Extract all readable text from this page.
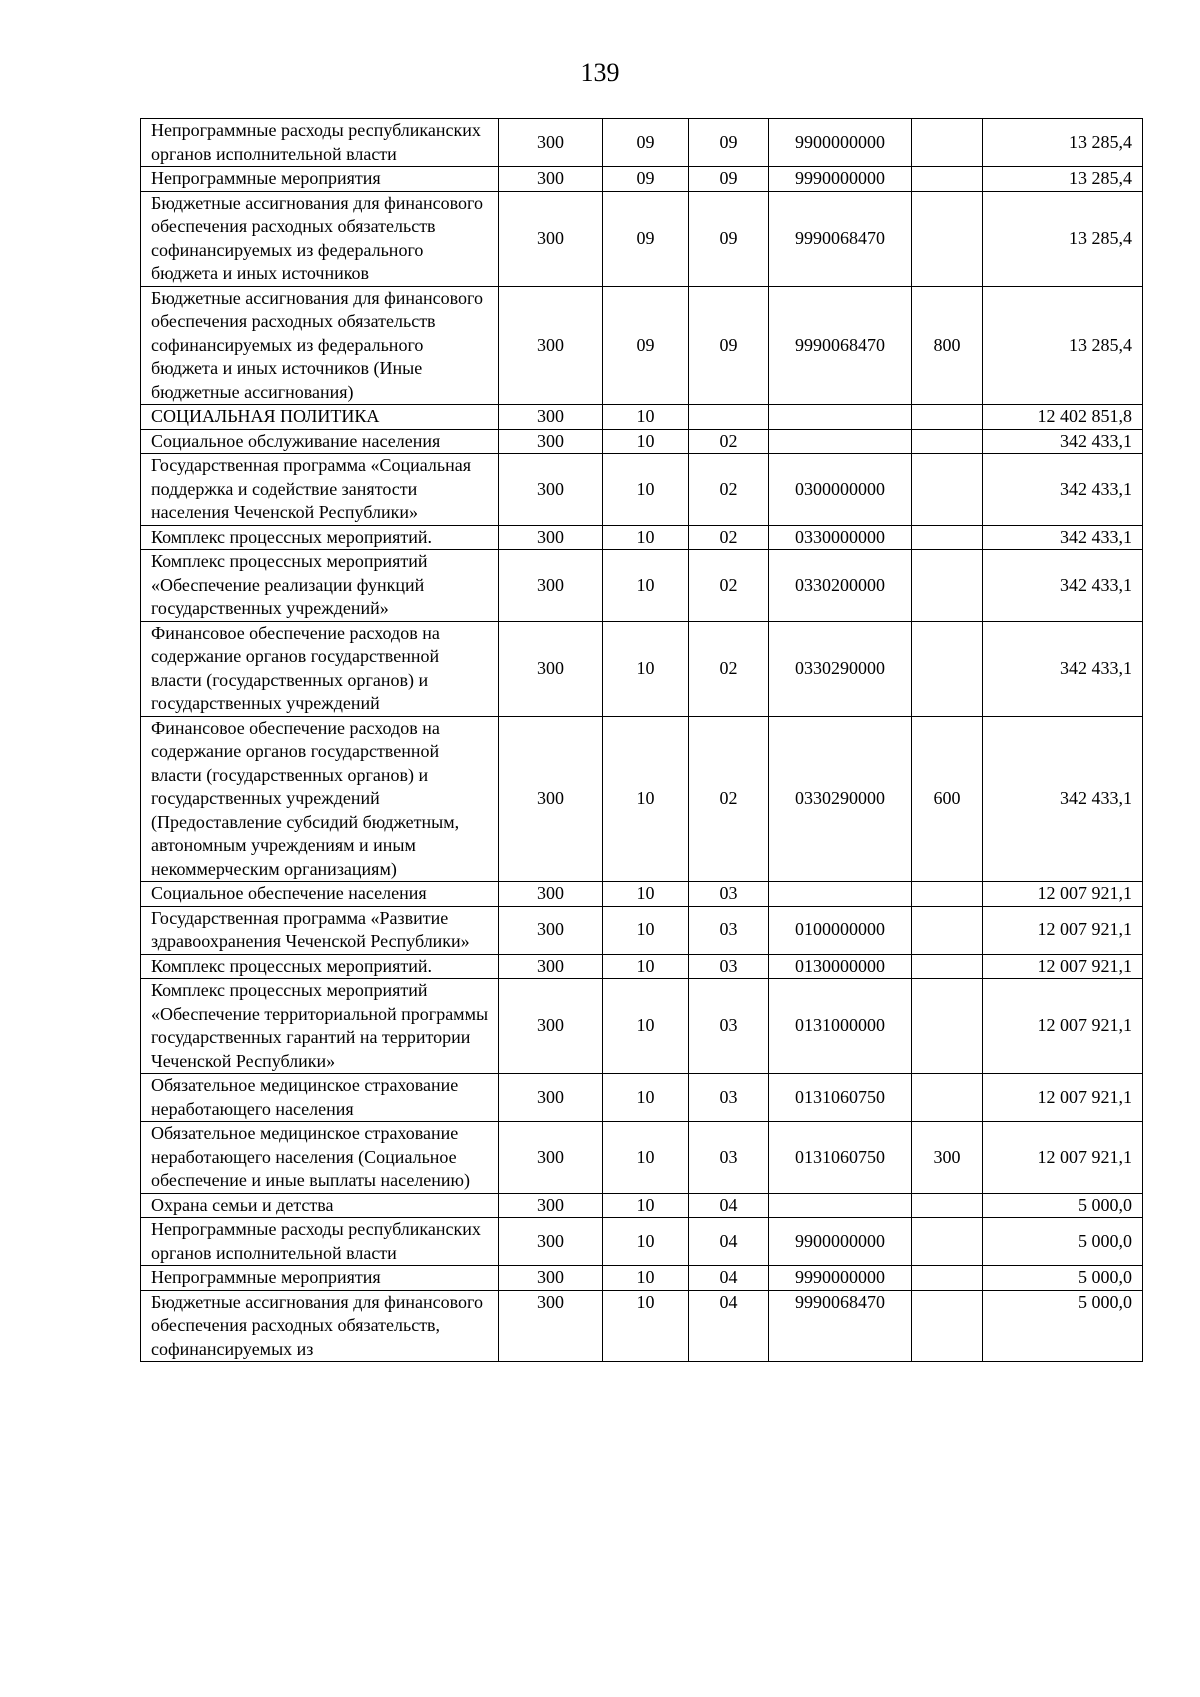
139
Непрограммные расходы республиканских органов исполнительной власти	300	09	09	9900000000		13 285,4
Непрограммные мероприятия	300	09	09	9990000000		13 285,4
Бюджетные ассигнования для финансового обеспечения расходных обязательств софинансируемых из федерального бюджета и иных источников	300	09	09	9990068470		13 285,4
Бюджетные ассигнования для финансового обеспечения расходных обязательств софинансируемых из федерального бюджета и иных источников (Иные бюджетные ассигнования)	300	09	09	9990068470	800	13 285,4
СОЦИАЛЬНАЯ ПОЛИТИКА	300	10				12 402 851,8
Социальное обслуживание населения	300	10	02			342 433,1
Государственная программа «Социальная поддержка и содействие занятости населения Чеченской Республики»	300	10	02	0300000000		342 433,1
Комплекс процессных мероприятий.	300	10	02	0330000000		342 433,1
Комплекс процессных мероприятий «Обеспечение реализации функций государственных учреждений»	300	10	02	0330200000		342 433,1
Финансовое обеспечение расходов на содержание органов государственной власти (государственных органов) и государственных учреждений	300	10	02	0330290000		342 433,1
Финансовое обеспечение расходов на содержание органов государственной власти (государственных органов) и государственных учреждений (Предоставление субсидий бюджетным, автономным учреждениям и иным некоммерческим организациям)	300	10	02	0330290000	600	342 433,1
Социальное обеспечение населения	300	10	03			12 007 921,1
Государственная программа «Развитие здравоохранения Чеченской Республики»	300	10	03	0100000000		12 007 921,1
Комплекс процессных мероприятий.	300	10	03	0130000000		12 007 921,1
Комплекс процессных мероприятий «Обеспечение территориальной программы государственных гарантий на территории Чеченской Республики»	300	10	03	0131000000		12 007 921,1
Обязательное медицинское страхование неработающего населения	300	10	03	0131060750		12 007 921,1
Обязательное медицинское страхование неработающего населения (Социальное обеспечение и иные выплаты населению)	300	10	03	0131060750	300	12 007 921,1
Охрана семьи и детства	300	10	04			5 000,0
Непрограммные расходы республиканских органов исполнительной власти	300	10	04	9900000000		5 000,0
Непрограммные мероприятия	300	10	04	9990000000		5 000,0
Бюджетные ассигнования для финансового обеспечения расходных обязательств, софинансируемых из	300	10	04	9990068470		5 000,0
